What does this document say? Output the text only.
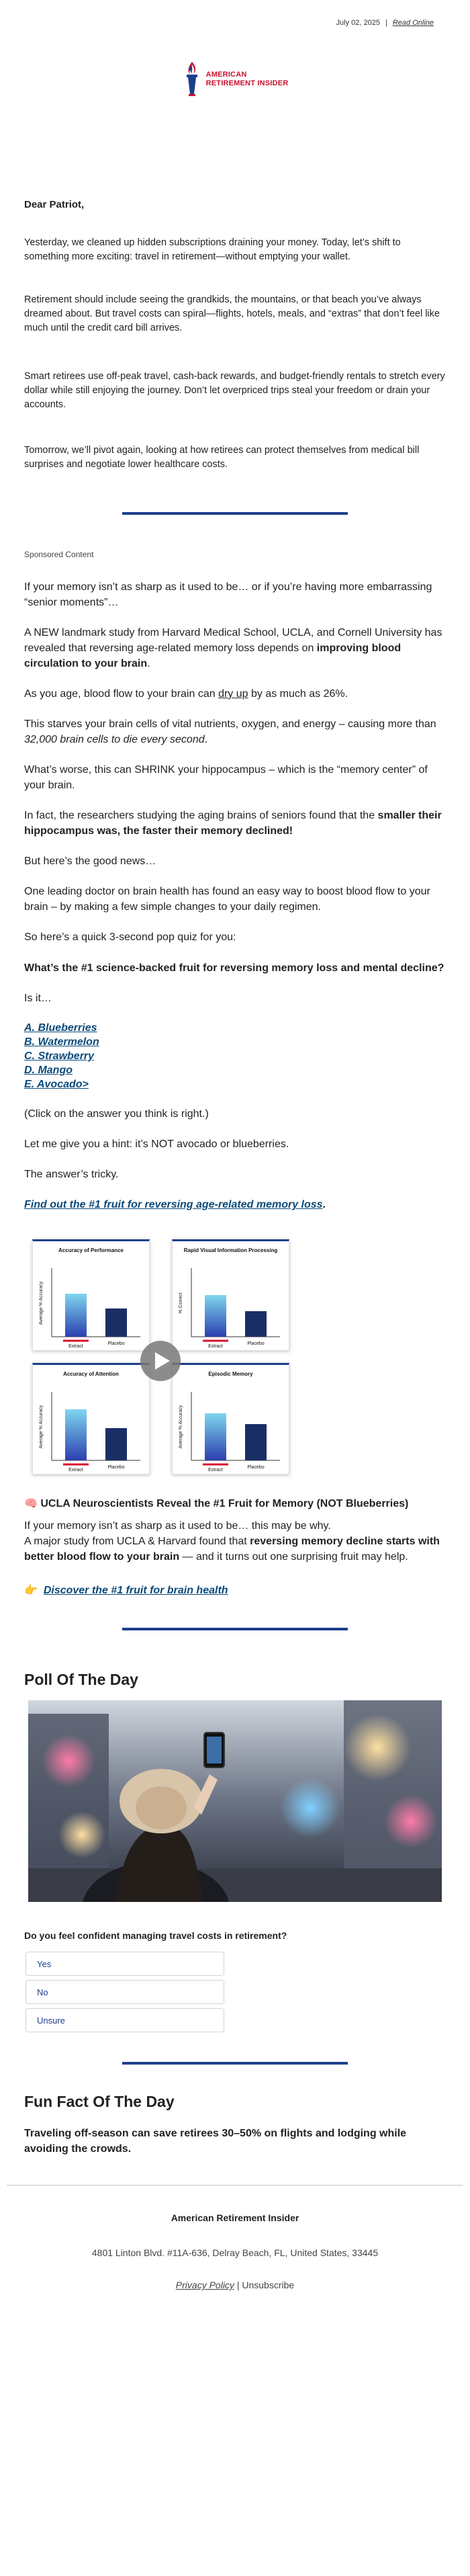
July 02, 2025 | Read Online
AMERICAN
RETIREMENT INSIDER
Dear Patriot,

Yesterday, we cleaned up hidden subscriptions draining your money. Today, let’s shift to something more exciting: travel in retirement—without emptying your wallet.

Retirement should include seeing the grandkids, the mountains, or that beach you’ve always dreamed about. But travel costs can spiral—flights, hotels, meals, and “extras” that don’t feel like much until the credit card bill arrives.

Smart retirees use off-peak travel, cash-back rewards, and budget-friendly rentals to stretch every dollar while still enjoying the journey. Don’t let overpriced trips steal your freedom or drain your accounts.

Tomorrow, we’ll pivot again, looking at how retirees can protect themselves from medical bill surprises and negotiate lower healthcare costs.

Sponsored Content

If your memory isn’t as sharp as it used to be… or if you’re having more embarrassing “senior moments”…

A NEW landmark study from Harvard Medical School, UCLA, and Cornell University has revealed that reversing age-related memory loss depends on improving blood circulation to your brain.

As you age, blood flow to your brain can dry up by as much as 26%.

This starves your brain cells of vital nutrients, oxygen, and energy – causing more than 32,000 brain cells to die every second.

What’s worse, this can SHRINK your hippocampus – which is the “memory center” of your brain.

In fact, the researchers studying the aging brains of seniors found that the smaller their hippocampus was, the faster their memory declined!

But here’s the good news…

One leading doctor on brain health has found an easy way to boost blood flow to your brain – by making a few simple changes to your daily regimen.

So here’s a quick 3-second pop quiz for you:

What’s the #1 science-backed fruit for reversing memory loss and mental decline?

Is it…

A. Blueberries
B. Watermelon
C. Strawberry
D. Mango
E. Avocado>

(Click on the answer you think is right.)

Let me give you a hint: it’s NOT avocado or blueberries.

The answer’s tricky.

Find out the #1 fruit for reversing age-related memory loss.

Accuracy of Performance
Extract
Placebo
Average % Accuracy
Rapid Visual Information Processing
Extract
Placebo
% Correct
Accuracy of Attention
Extract
Placebo
Average % Accuracy
Episodic Memory
Extract
Placebo
Average % Accuracy
🧠 UCLA Neuroscientists Reveal the #1 Fruit for Memory (NOT Blueberries)

If your memory isn’t as sharp as it used to be… this may be why.
A major study from UCLA & Harvard found that reversing memory decline starts with better blood flow to your brain — and it turns out one surprising fruit may help.

👉 Discover the #1 fruit for brain health

Poll Of The Day
Do you feel confident managing travel costs in retirement?
Yes
No
Unsure
Fun Fact Of The Day

Traveling off-season can save retirees 30–50% on flights and lodging while avoiding the crowds.

American Retirement Insider
4801 Linton Blvd. #11A-636, Delray Beach, FL, United States, 33445
Privacy Policy | Unsubscribe
